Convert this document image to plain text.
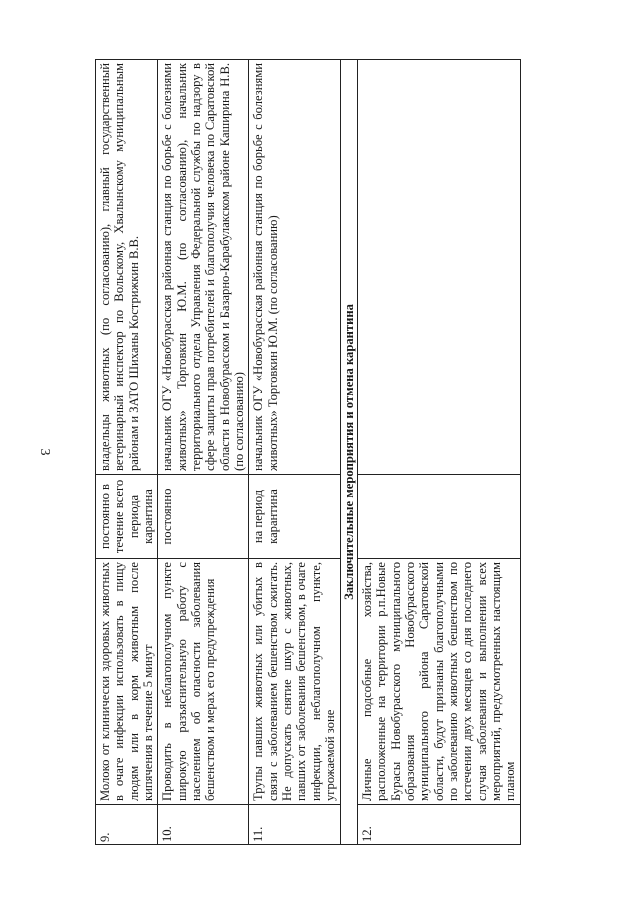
3
9.	Молоко от клинически здоровых животных в очаге инфекции использовать в пищу людям или в корм животным после кипячения в течение 5 минут	постоянно в течение всего периода карантина	владельцы животных (по согласованию), главный государственный ветеринарный инспектор по Вольскому, Хвалынскому муниципальным районам и ЗАТО Шиханы Кострижкин В.В.
10.	Проводить в неблагополучном пункте широкую разъяснительную работу с населением об опасности заболевания бешенством и мерах его предупреждения	постоянно	начальник ОГУ «Новобурасская районная станция по борьбе с болезнями животных» Торговкин Ю.М. (по согласованию), начальник территориального отдела Управления Федеральной службы по надзору в сфере защиты прав потребителей и благополучия человека по Саратовской области в Новобурасском и Базарно-Карабулакском районе Каширина Н.В. (по согласованию)
11.	Трупы павших животных или убитых в связи с заболеванием бешенством сжигать. Не допускать снятие шкур с животных, павших от заболевания бешенством, в очаге инфекции, неблагополучном пункте, угрожаемой зоне	на период карантина	начальник ОГУ «Новобурасская районная станция по борьбе с болезнями животных» Торговкин Ю.М. (по согласованию)
Заключительные мероприятия и отмена карантина			
12.	Личные подсобные хозяйства, расположенные на территории р.п.Новые Бурасы Новобурасского муниципального образования Новобурасского муниципального района Саратовской области, будут признаны благополучными по заболеванию животных бешенством по истечении двух месяцев со дня последнего случая заболевания и выполнении всех мероприятий, предусмотренных настоящим планом		
